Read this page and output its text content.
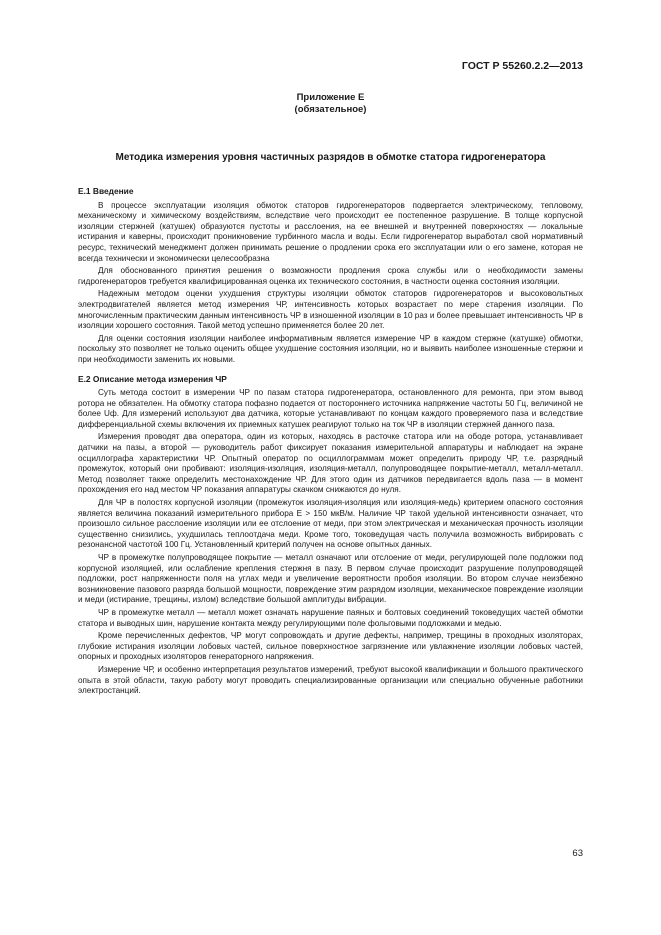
ГОСТ Р 55260.2.2—2013
Приложение Е
(обязательное)
Методика измерения уровня частичных разрядов в обмотке статора гидрогенератора
Е.1 Введение

В процессе эксплуатации изоляция обмоток статоров гидрогенераторов подвергается электрическому, тепловому, механическому и химическому воздействиям, вследствие чего происходит ее постепенное разрушение. В толще корпусной изоляции стержней (катушек) образуются пустоты и расслоения, на ее внешней и внутренней поверхностях — локальные истирания и каверны, происходит проникновение турбинного масла и воды. Если гидрогенератор выработал свой нормативный ресурс, технический менеджмент должен принимать решение о продлении срока его эксплуатации или о его замене, которая не всегда технически и экономически целесообразна

Для обоснованного принятия решения о возможности продления срока службы или о необходимости замены гидрогенераторов требуется квалифицированная оценка их технического состояния, в частности оценка состояния изоляции.

Надежным методом оценки ухудшения структуры изоляции обмоток статоров гидрогенераторов и высоковольтных электродвигателей является метод измерения ЧР, интенсивность которых возрастает по мере старения изоляции. По многочисленным практическим данным интенсивность ЧР в изношенной изоляции в 10 раз и более превышает интенсивность ЧР в изоляции хорошего состояния. Такой метод успешно применяется более 20 лет.

Для оценки состояния изоляции наиболее информативным является измерение ЧР в каждом стержне (катушке) обмотки, поскольку это позволяет не только оценить общее ухудшение состояния изоляции, но и выявить наиболее изношенные стержни и при необходимости заменить их новыми.

Е.2 Описание метода измерения ЧР

Суть метода состоит в измерении ЧР по пазам статора гидрогенератора, остановленного для ремонта, при этом вывод ротора не обязателен. На обмотку статора пофазно подается от постороннего источника напряжение частоты 50 Гц, величиной не более Uф. Для измерений используют два датчика, которые устанавливают по концам каждого проверяемого паза и вследствие дифференциальной схемы включения их приемных катушек реагируют только на ток ЧР в изоляции стержней данного паза.

Измерения проводят два оператора, один из которых, находясь в расточке статора или на ободе ротора, устанавливает датчики на пазы, а второй — руководитель работ фиксирует показания измерительной аппаратуры и наблюдает на экране осциллографа характеристики ЧР. Опытный оператор по осциллограммам может определить природу ЧР, т.е. разрядный промежуток, который они пробивают: изоляция-изоляция, изоляция-металл, полупроводящее покрытие-металл, металл-металл. Метод позволяет также определить местонахождение ЧР. Для этого один из датчиков передвигается вдоль паза — в момент прохождения его над местом ЧР показания аппаратуры скачком снижаются до нуля.

Для ЧР в полостях корпусной изоляции (промежуток изоляция-изоляция или изоляция-медь) критерием опасного состояния является величина показаний измерительного прибора Е > 150 мкВ/м. Наличие ЧР такой удельной интенсивности означает, что произошло сильное расслоение изоляции или ее отслоение от меди, при этом электрическая и механическая прочность изоляции существенно снизились, ухудшилась теплоотдача меди. Кроме того, токоведущая часть получила возможность вибрировать с резонансной частотой 100 Гц. Установленный критерий получен на основе опытных данных.

ЧР в промежутке полупроводящее покрытие — металл означают или отслоение от меди, регулирующей поле подложки под корпусной изоляцией, или ослабление крепления стержня в пазу. В первом случае происходит разрушение полупроводящей подложки, рост напряженности поля на углах меди и увеличение вероятности пробоя изоляции. Во втором случае неизбежно возникновение пазового разряда большой мощности, повреждение этим разрядом изоляции, механическое повреждение изоляции и меди (истирание, трещины, излом) вследствие большой амплитуды вибрации.

ЧР в промежутке металл — металл может означать нарушение паяных и болтовых соединений токоведущих частей обмотки статора и выводных шин, нарушение контакта между регулирующими поле фольговыми подложками и медью.

Кроме перечисленных дефектов, ЧР могут сопровождать и другие дефекты, например, трещины в проходных изоляторах, глубокие истирания изоляции лобовых частей, сильное поверхностное загрязнение или увлажнение изоляции лобовых частей, опорных и проходных изоляторов генераторного напряжения.

Измерение ЧР, и особенно интерпретация результатов измерений, требуют высокой квалификации и большого практического опыта в этой области, такую работу могут проводить специализированные организации или специально обученные работники электростанций.

63
